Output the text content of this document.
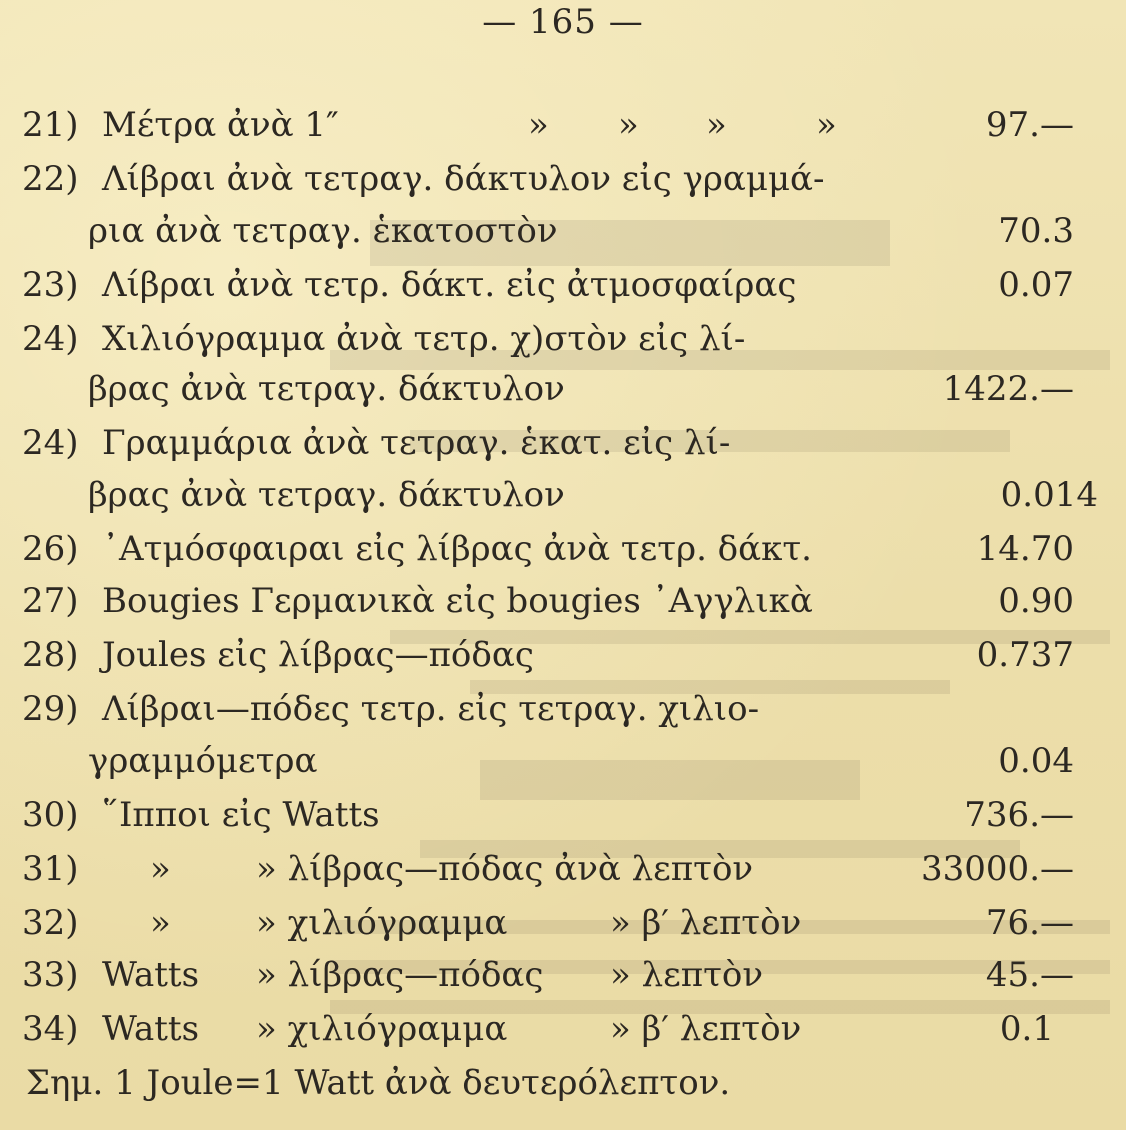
— 165 —
21) Μέτρα ἀνὰ 1″	» » »	»	97.—
22) Λίβραι ἀνὰ τετραγ. δάκτυλον εἰς γραμμά-
ρια ἀνὰ τετραγ. ἑκατοστὸν	70.3
23) Λίβραι ἀνὰ τετρ. δάκτ. εἰς ἀτμοσφαίρας	0.07
24) Χιλιόγραμμα ἀνὰ τετρ. χ)στὸν εἰς λί-
βρας ἀνὰ τετραγ. δάκτυλον	1422.—
24) Γραμμάρια ἀνὰ τετραγ. ἑκατ. εἰς λί-
βρας ἀνὰ τετραγ. δάκτυλον	0.014
26) ᾿Ατμόσφαιραι εἰς λίβρας ἀνὰ τετρ. δάκτ.	14.70
27) Bougies Γερμανικὰ εἰς bougies ᾿Αγγλικὰ	0.90
28) Joules εἰς λίβρας—πόδας	0.737
29) Λίβραι—πόδες τετρ. εἰς τετραγ. χιλιο-
γραμμόμετρα	0.04
30) ῞Ιπποι εἰς Watts	736.—
31) »	» λίβρας—πόδας ἀνὰ λεπτὸν	33000.—
32) »	» χιλιόγραμμα	» β′ λεπτὸν	76.—
33) Watts » λίβρας—πόδας » λεπτὸν	45.—
34) Watts » χιλιόγραμμα	» β′ λεπτὸν	0.1
Σημ. 1 Joule=1 Watt ἀνὰ δευτερόλεπτον.
